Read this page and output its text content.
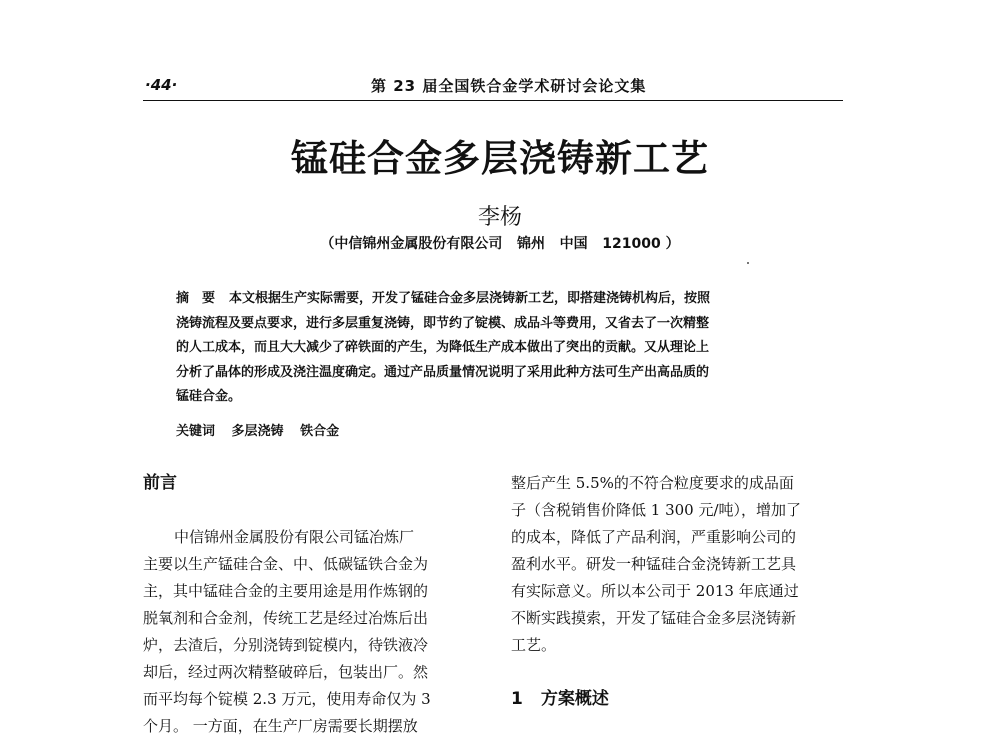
·44·	第 23 届全国铁合金学术研讨会论文集
锰硅合金多层浇铸新工艺
李杨
（中信锦州金属股份有限公司   锦州   中国   121000 ）
摘　要 本文根据生产实际需要，开发了锰硅合金多层浇铸新工艺，即搭建浇铸机构后，按照
浇铸流程及要点要求，进行多层重复浇铸，即节约了锭模、成品斗等费用，又省去了一次精整
的人工成本，而且大大减少了碎铁面的产生，为降低生产成本做出了突出的贡献。又从理论上
分析了晶体的形成及浇注温度确定。通过产品质量情况说明了采用此种方法可生产出高品质的
锰硅合金。
关键词 多层浇铸 铁合金
前言
中信锦州金属股份有限公司锰冶炼厂
主要以生产锰硅合金、中、低碳锰铁合金为
主，其中锰硅合金的主要用途是用作炼钢的
脱氧剂和合金剂，传统工艺是经过冶炼后出
炉，去渣后，分别浇铸到锭模内，待铁液冷
却后，经过两次精整破碎后，包装出厂。然
而平均每个锭模 2.3 万元，使用寿命仅为 3
个月。 一方面，在生产厂房需要长期摆放
整后产生 5.5%的不符合粒度要求的成品面
子（含税销售价降低 1 300 元/吨），增加了
的成本，降低了产品利润，严重影响公司的
盈利水平。研发一种锰硅合金浇铸新工艺具
有实际意义。所以本公司于 2013 年底通过
不断实践摸索，开发了锰硅合金多层浇铸新
工艺。
1 方案概述
